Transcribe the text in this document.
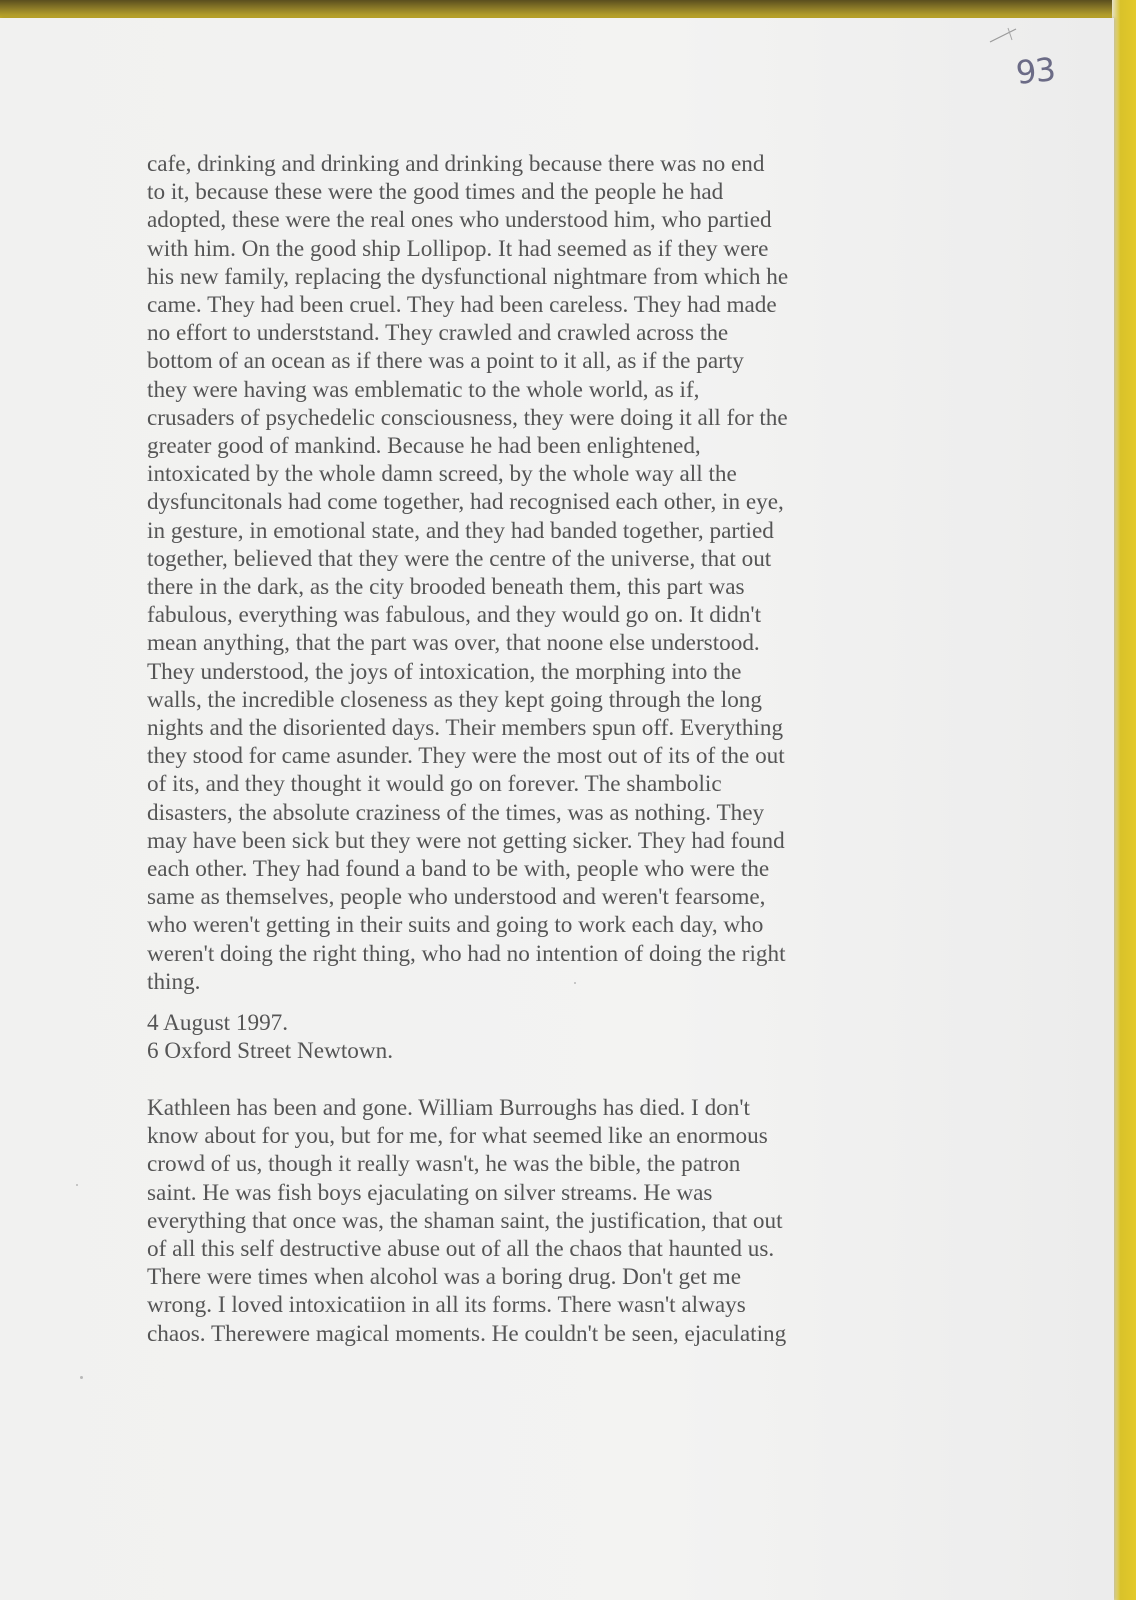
93
cafe, drinking and drinking and drinking because there was no end
to it, because these were the good times and the people he had
adopted, these were the real ones who understood him, who partied
with him. On the good ship Lollipop. It had seemed as if they were
his new family, replacing the dysfunctional nightmare from which he
came. They had been cruel. They had been careless. They had made
no effort to underststand. They crawled and crawled across the
bottom of an ocean as if there was a point to it all, as if the party
they were having was emblematic to the whole world, as if,
crusaders of psychedelic consciousness, they were doing it all for the
greater good of mankind. Because he had been enlightened,
intoxicated by the whole damn screed, by the whole way all the
dysfuncitonals had come together, had recognised each other, in eye,
in gesture, in emotional state, and they had banded together, partied
together, believed that they were the centre of the universe, that out
there in the dark, as the city brooded beneath them, this part was
fabulous, everything was fabulous, and they would go on. It didn't
mean anything, that the part was over, that noone else understood.
They understood, the joys of intoxication, the morphing into the
walls, the incredible closeness as they kept going through the long
nights and the disoriented days. Their members spun off. Everything
they stood for came asunder. They were the most out of its of the out
of its, and they thought it would go on forever. The shambolic
disasters, the absolute craziness of the times, was as nothing. They
may have been sick but they were not getting sicker. They had found
each other. They had found a band to be with, people who were the
same as themselves, people who understood and weren't fearsome,
who weren't getting in their suits and going to work each day, who
weren't doing the right thing, who had no intention of doing the right
thing.
4 August 1997.
6 Oxford Street Newtown.
Kathleen has been and gone. William Burroughs has died. I don't
know about for you, but for me, for what seemed like an enormous
crowd of us, though it really wasn't, he was the bible, the patron
saint. He was fish boys ejaculating on silver streams. He was
everything that once was, the shaman saint, the justification, that out
of all this self destructive abuse out of all the chaos that haunted us.
There were times when alcohol was a boring drug. Don't get me
wrong. I loved intoxicatiion in all its forms. There wasn't always
chaos. Therewere magical moments. He couldn't be seen, ejaculating
